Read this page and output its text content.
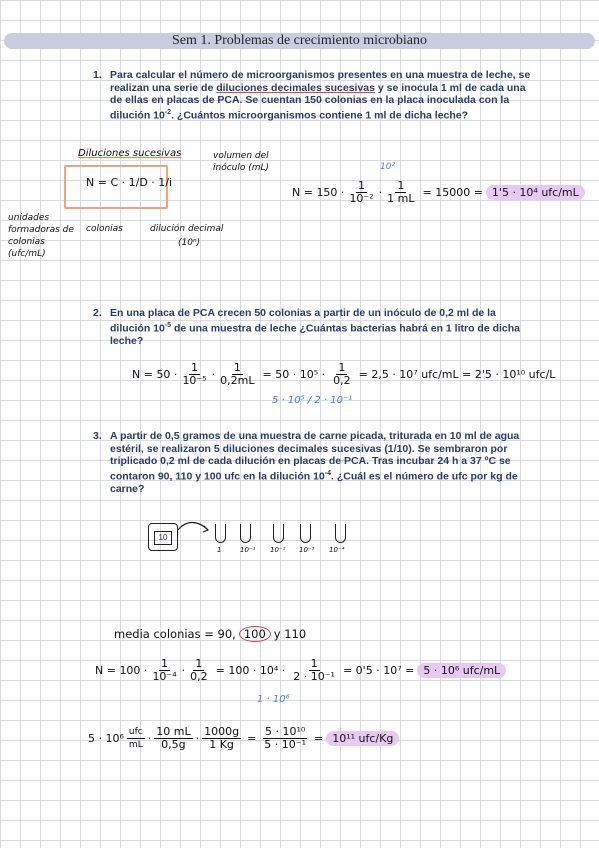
Sem 1. Problemas de crecimiento microbiano
1. Para calcular el número de microorganismos presentes en una muestra de leche, se realizan una serie de diluciones decimales sucesivas y se inocula 1 ml de cada una de ellas en placas de PCA. Se cuentan 150 colonias en la placa inoculada con la dilución $10^{-2}$. ¿Cuántos microorganismos contiene 1 ml de dicha leche?
Diluciones sucesivas
N = C · 1/D · 1/i
volumen del inóculo (mL)
unidades formadoras de colonias (ufc/mL)
colonias	dilución decimal
(10ⁿ)
10²
$N = 150 \cdot \frac{1}{\text{10⁻²}} \cdot \frac{1}{1 mL} = 15000 = 1'5 \cdot 10^4$ ufc/mL
2. En una placa de PCA crecen 50 colonias a partir de un inóculo de 0,2 ml de la dilución $10^{-5}$ de una muestra de leche ¿Cuántas bacterias habrá en 1 litro de dicha leche?
$N = 50 \cdot \frac{1}{\text{10⁻⁵}} \cdot \frac{1}{0,2mL} = 50 \cdot 10^5 \cdot \frac{1}{0,2} = 2,5 \cdot 10^7$ ufc/mL = 2'5 · 10¹⁰ ufc/L
5 · 10⁵ / 2 · 10⁻¹
3. A partir de 0,5 gramos de una muestra de carne picada, triturada en 10 ml de agua estéril, se realizaron 5 diluciones decimales sucesivas (1/10). Se sembraron por triplicado 0,2 ml de cada dilución en placas de PCA. Tras incubar 24 h a 37 ºC se contaron 90, 110 y 100 ufc en la dilución $10^{-4}$. ¿Cuál es el número de ufc por kg de carne?
10
1	10⁻¹ 10⁻² 10⁻³ 10⁻⁴
media colonias = 90, 100 y 110
$N = 100 \cdot \frac{1}{\text{10⁻⁴}} \cdot \frac{1}{0,2} = 100 \cdot 10^4 \cdot \frac{1}{\text{2 · 10⁻¹}} = 0'5 \cdot 10^7 = 5 \cdot 10^6$ ufc/mL
1 · 10⁶
$5 \cdot 10^6 \frac{\text{ufc}}{mL} \cdot \frac{10 mL}{0,5g} \cdot \frac{1000g}{1 Kg} = \frac{\text{5 · 10¹⁰}}{\text{5 · 10⁻¹}} = 10^{11}$ ufc/Kg
